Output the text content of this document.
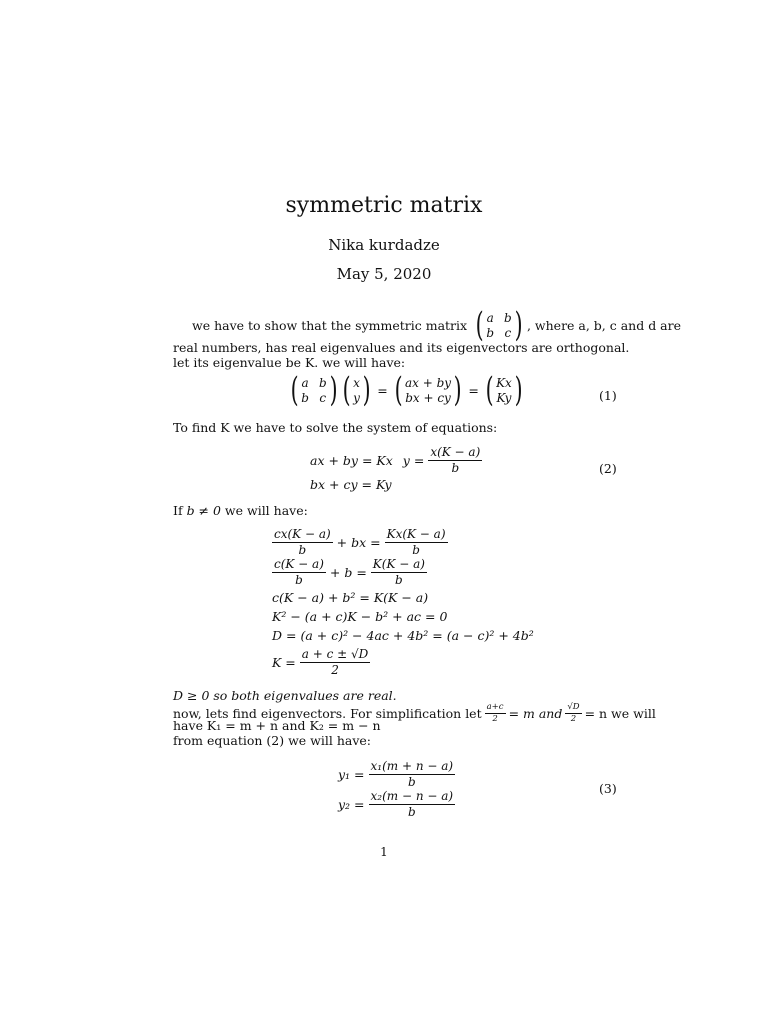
symmetric matrix
Nika kurdadze
May 5, 2020
we have to show that the symmetric matrix ( a b
b c ) , where a, b, c and d are
real numbers, has real eigenvalues and its eigenvectors are orthogonal.
let its eigenvalue be K. we will have:
( a b
b c ) ( x
y ) = ( ax + by
bx + cy ) = ( Kx
Ky )	(1)
To find K we have to solve the system of equations:
ax + by = Kx $y = \frac{x(K - a)}{b}$
bx + cy = Ky
(2)
If b ≠ 0 we will have:
$\frac{cx(K - a)}{b}$ + bx = $\frac{Kx(K - a)}{b}$
$\frac{c(K - a)}{b} + b = \frac{K(K - a)}{b}$
c(K − a) + b² = K(K − a)
K² − (a + c)K − b² + ac = 0
D = (a + c)² − 4ac + 4b² = (a − c)² + 4b²
$K = \frac{a + c \pm √D}{2}$
D ≥ 0 so both eigenvalues are real.
now, lets find eigenvectors. For simplification let $\frac{a+c}{2} = m$ and $\frac{√D}{2} = n$ we will
have K₁ = m + n and K₂ = m − n
from equation (2) we will have:
$y_1 = \frac{\text{x₁(m + n − a)}}{b}$
$y_2 = \frac{\text{x₂(m − n − a)}}{b}$
(3)
1
